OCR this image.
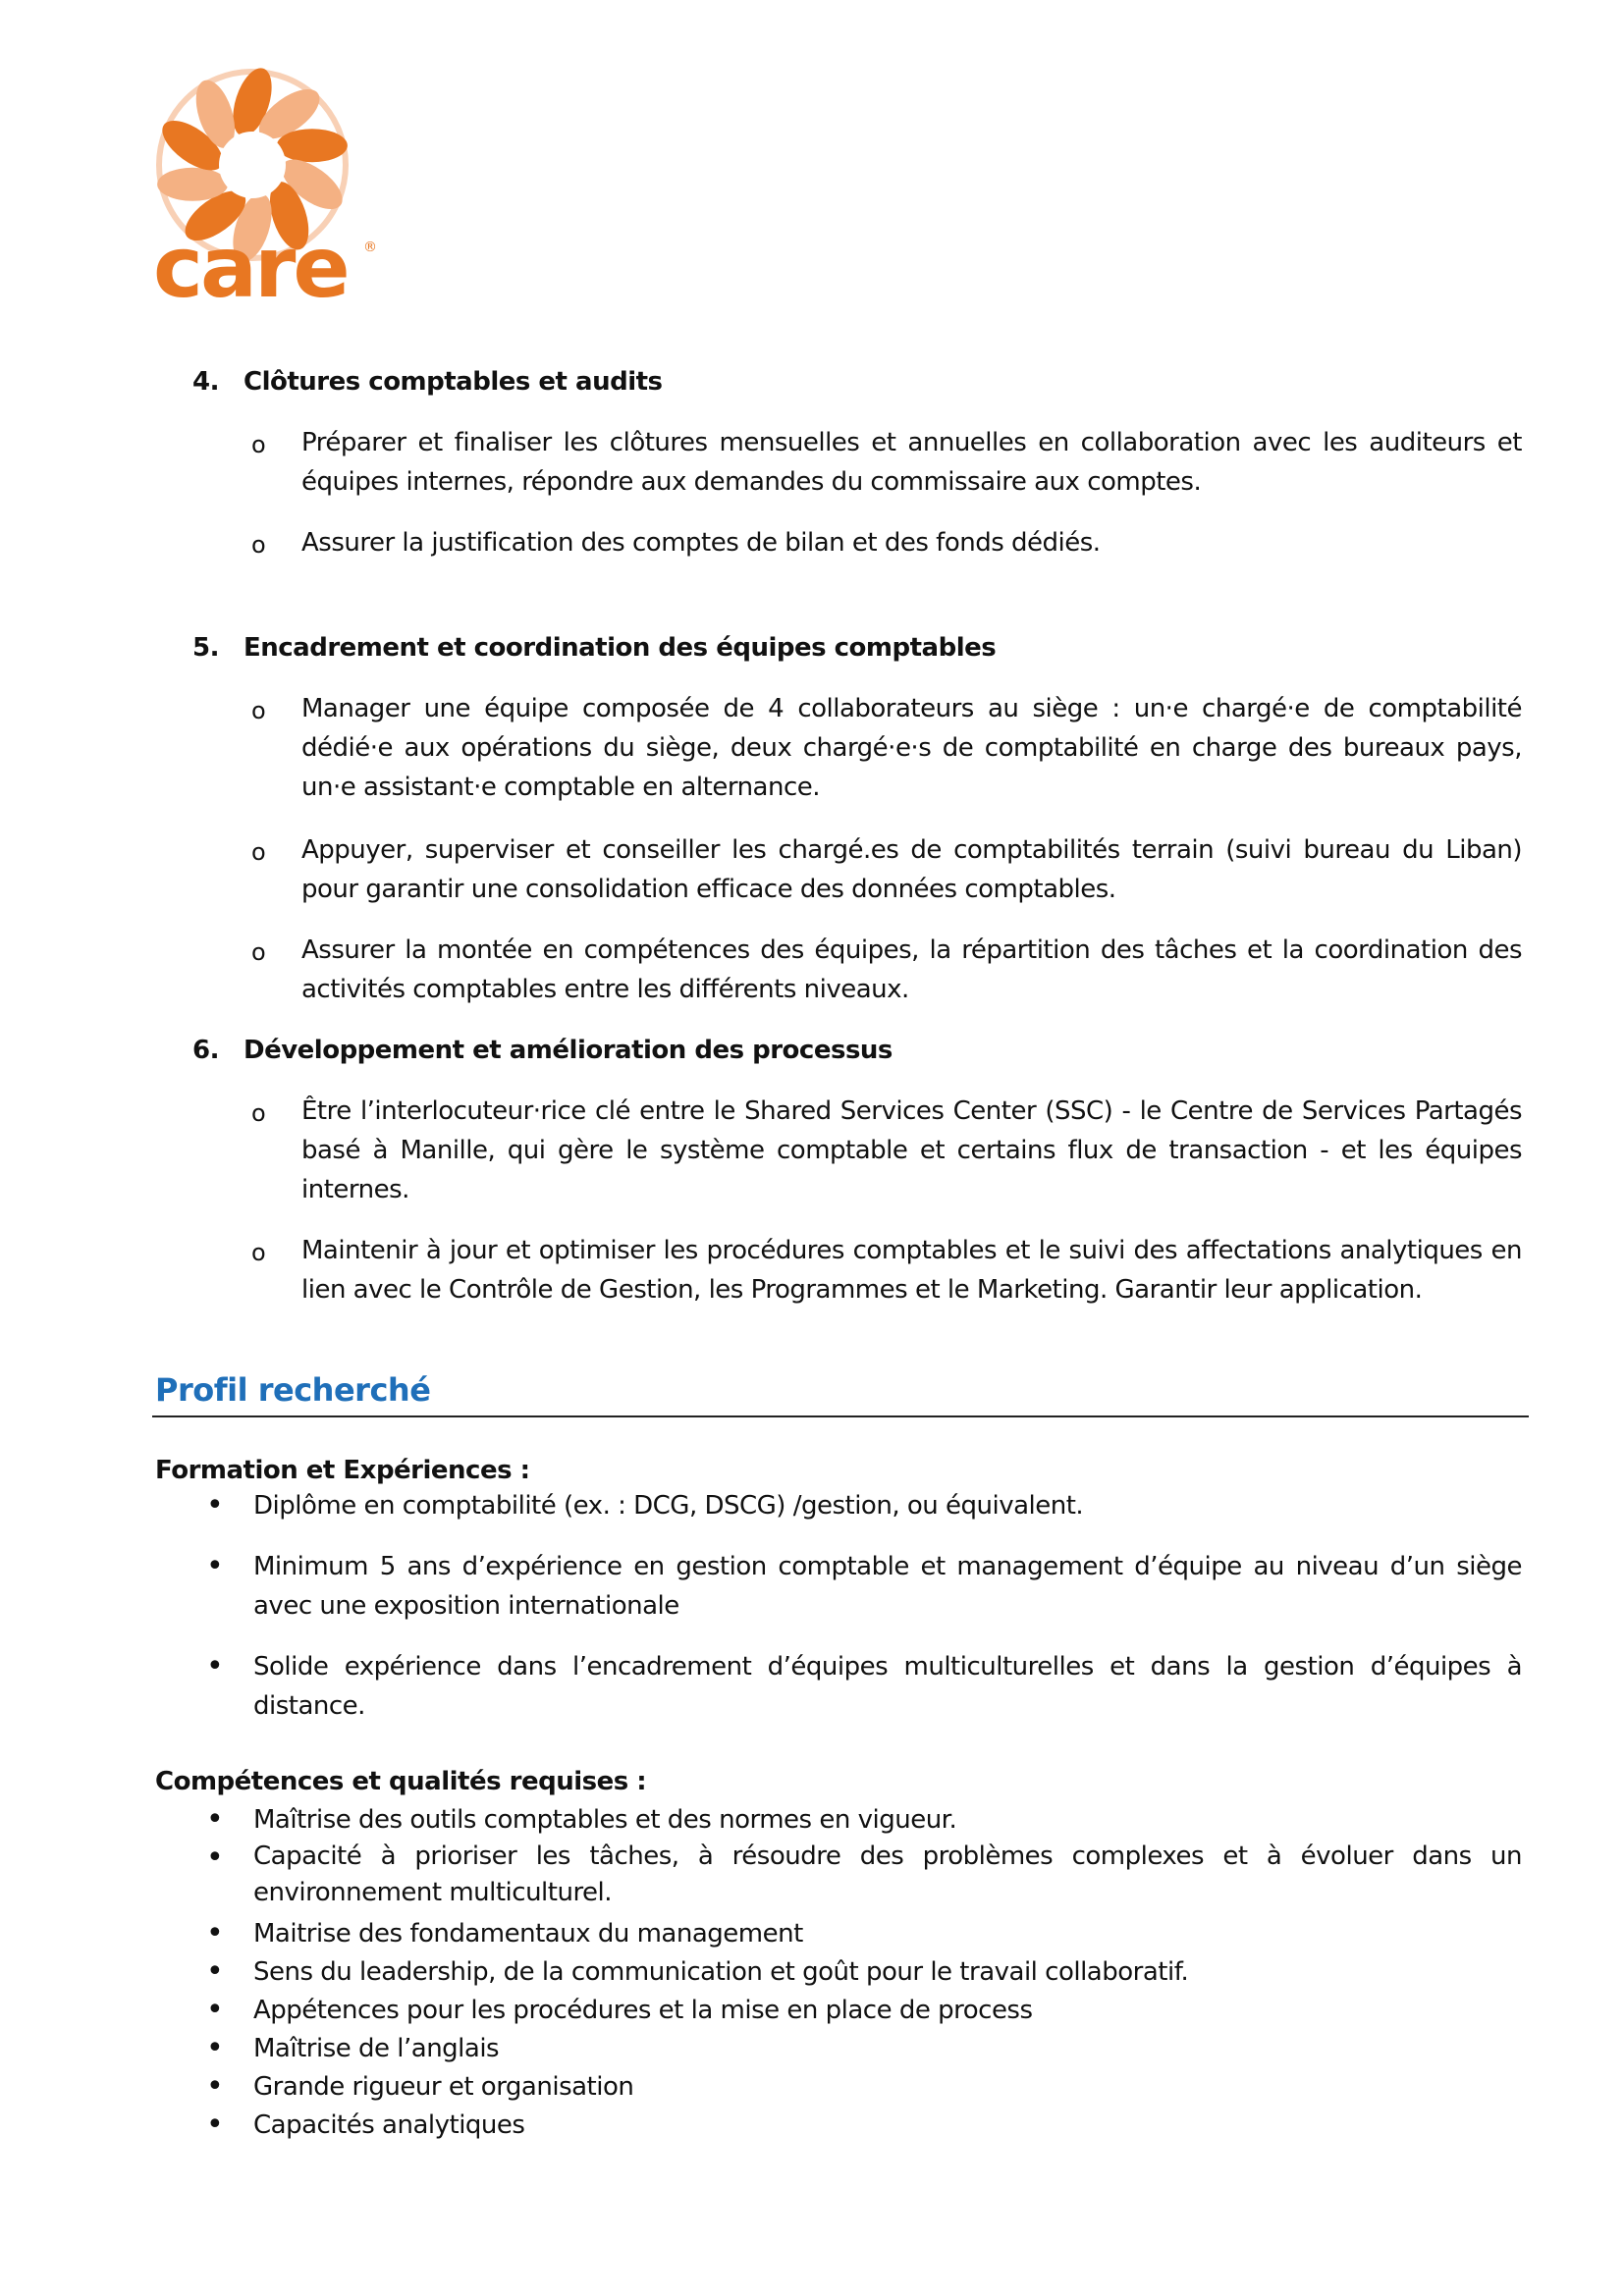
care ®
4. Clôtures comptables et audits
o Préparer et finaliser les clôtures mensuelles et annuelles en collaboration avec les auditeurs et équipes internes, répondre aux demandes du commissaire aux comptes.
o Assurer la justification des comptes de bilan et des fonds dédiés.
5. Encadrement et coordination des équipes comptables
o Manager une équipe composée de 4 collaborateurs au siège : un·e chargé·e de comptabilité dédié·e aux opérations du siège, deux chargé·e·s de comptabilité en charge des bureaux pays, un·e assistant·e comptable en alternance.
o Appuyer, superviser et conseiller les chargé.es de comptabilités terrain (suivi bureau du Liban) pour garantir une consolidation efficace des données comptables.
o Assurer la montée en compétences des équipes, la répartition des tâches et la coordination des activités comptables entre les différents niveaux.
6. Développement et amélioration des processus
o Être l’interlocuteur·rice clé entre le Shared Services Center (SSC) - le Centre de Services Partagés basé à Manille, qui gère le système comptable et certains flux de transaction - et les équipes internes.
o Maintenir à jour et optimiser les procédures comptables et le suivi des affectations analytiques en lien avec le Contrôle de Gestion, les Programmes et le Marketing. Garantir leur application.
Profil recherché
Formation et Expériences :
• Diplôme en comptabilité (ex. : DCG, DSCG) /gestion, ou équivalent.
• Minimum 5 ans d’expérience en gestion comptable et management d’équipe au niveau d’un siège avec une exposition internationale
• Solide expérience dans l’encadrement d’équipes multiculturelles et dans la gestion d’équipes à distance.
Compétences et qualités requises :
• Maîtrise des outils comptables et des normes en vigueur.
• Capacité à prioriser les tâches, à résoudre des problèmes complexes et à évoluer dans un environnement multiculturel.
• Maitrise des fondamentaux du management
• Sens du leadership, de la communication et goût pour le travail collaboratif.
• Appétences pour les procédures et la mise en place de process
• Maîtrise de l’anglais
• Grande rigueur et organisation
• Capacités analytiques
